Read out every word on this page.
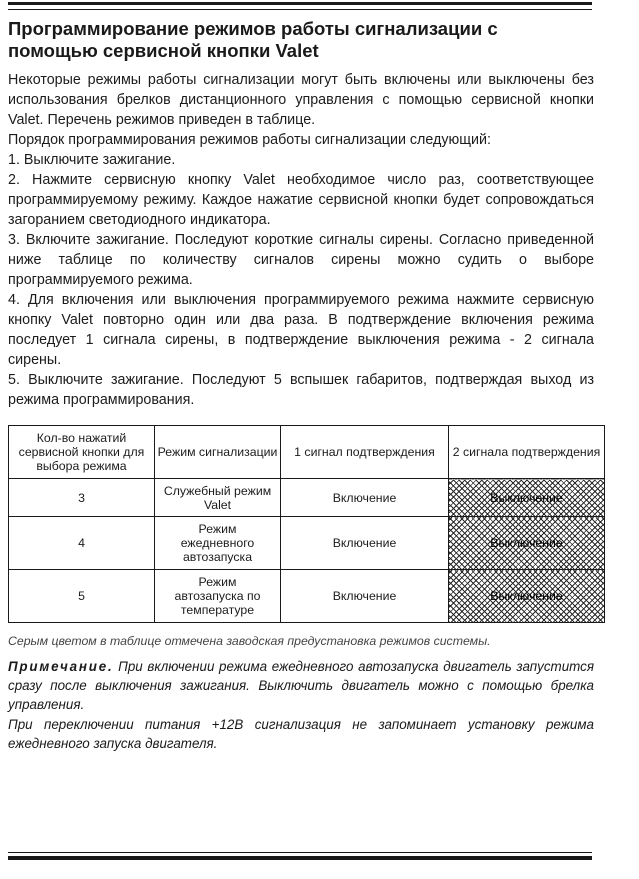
Программирование режимов работы сигнализации с
помощью сервисной кнопки Valet

Некоторые режимы работы сигнализации могут быть включены или выключены без использования брелков дистанционного управления с помощью сервисной кнопки Valet. Перечень режимов приведен в таблице.

Порядок программирования режимов работы сигнализации следующий:

1. Выключите зажигание.

2. Нажмите сервисную кнопку Valet необходимое число раз, соответствующее программируемому режиму. Каждое нажатие сервисной кнопки будет сопровождаться загоранием светодиодного индикатора.

3. Включите зажигание. Последуют короткие сигналы сирены. Согласно приведенной ниже таблице по количеству сигналов сирены можно судить о выборе программируемого режима.

4. Для включения или выключения программируемого режима нажмите сервисную кнопку Valet повторно один или два раза. В подтверждение включения режима последует 1 сигнала сирены, в подтверждение выключения режима - 2 сигнала сирены.

5. Выключите зажигание. Последуют 5 вспышек габаритов, подтверждая выход из режима программирования.

Кол-во нажатий сервисной кнопки для выбора режима	Режим сигнализации	1 сигнал подтверждения	2 сигнала подтверждения
3	Служебный режим Valet	Включение	Выключение
4	Режим
ежедневного
автозапуска	Включение	Выключение
5	Режим
автозапуска по
температуре	Включение	Выключение
Серым цветом в таблице отмечена заводская предустановка режимов системы.

Примечание. При включении режима ежедневного автозапуска двигатель запустится сразу после выключения зажигания. Выключить двигатель можно с помощью брелка управления.

При переключении питания +12В сигнализация не запоминает установку режима ежедневного запуска двигателя.
